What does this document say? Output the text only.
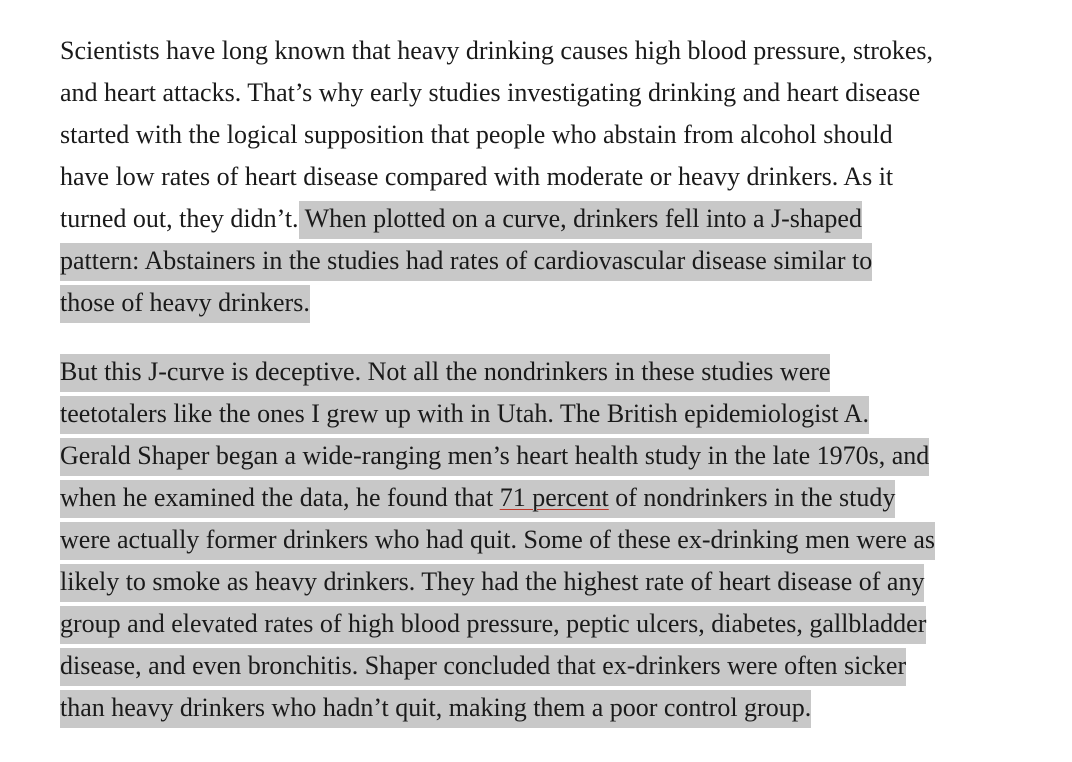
Scientists have long known that heavy drinking causes high blood pressure, strokes,
and heart attacks. That’s why early studies investigating drinking and heart disease
started with the logical supposition that people who abstain from alcohol should
have low rates of heart disease compared with moderate or heavy drinkers. As it
turned out, they didn’t. When plotted on a curve, drinkers fell into a J-shaped
pattern: Abstainers in the studies had rates of cardiovascular disease similar to
those of heavy drinkers.
But this J-curve is deceptive. Not all the nondrinkers in these studies were
teetotalers like the ones I grew up with in Utah. The British epidemiologist A.
Gerald Shaper began a wide-ranging men’s heart health study in the late 1970s, and
when he examined the data, he found that 71 percent of nondrinkers in the study
were actually former drinkers who had quit. Some of these ex-drinking men were as
likely to smoke as heavy drinkers. They had the highest rate of heart disease of any
group and elevated rates of high blood pressure, peptic ulcers, diabetes, gallbladder
disease, and even bronchitis. Shaper concluded that ex-drinkers were often sicker
than heavy drinkers who hadn’t quit, making them a poor control group.
